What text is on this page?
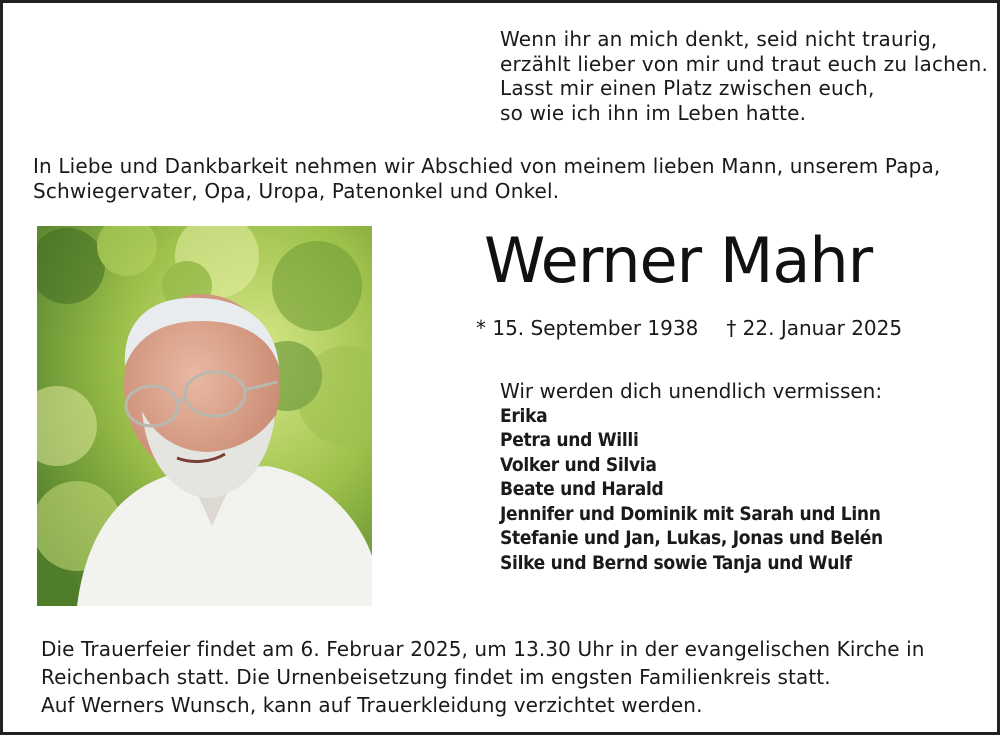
Wenn ihr an mich denkt, seid nicht traurig,
erzählt lieber von mir und traut euch zu lachen.
Lasst mir einen Platz zwischen euch,
so wie ich ihn im Leben hatte.
In Liebe und Dankbarkeit nehmen wir Abschied von meinem lieben Mann, unserem Papa,
Schwiegervater, Opa, Uropa, Patenonkel und Onkel.
Werner Mahr
* 15. September 1938 † 22. Januar 2025
Wir werden dich unendlich vermissen:
Erika
Petra und Willi
Volker und Silvia
Beate und Harald
Jennifer und Dominik mit Sarah und Linn
Stefanie und Jan, Lukas, Jonas und Belén
Silke und Bernd sowie Tanja und Wulf
Die Trauerfeier findet am 6. Februar 2025, um 13.30 Uhr in der evangelischen Kirche in
Reichenbach statt. Die Urnenbeisetzung findet im engsten Familienkreis statt.
Auf Werners Wunsch, kann auf Trauerkleidung verzichtet werden.
